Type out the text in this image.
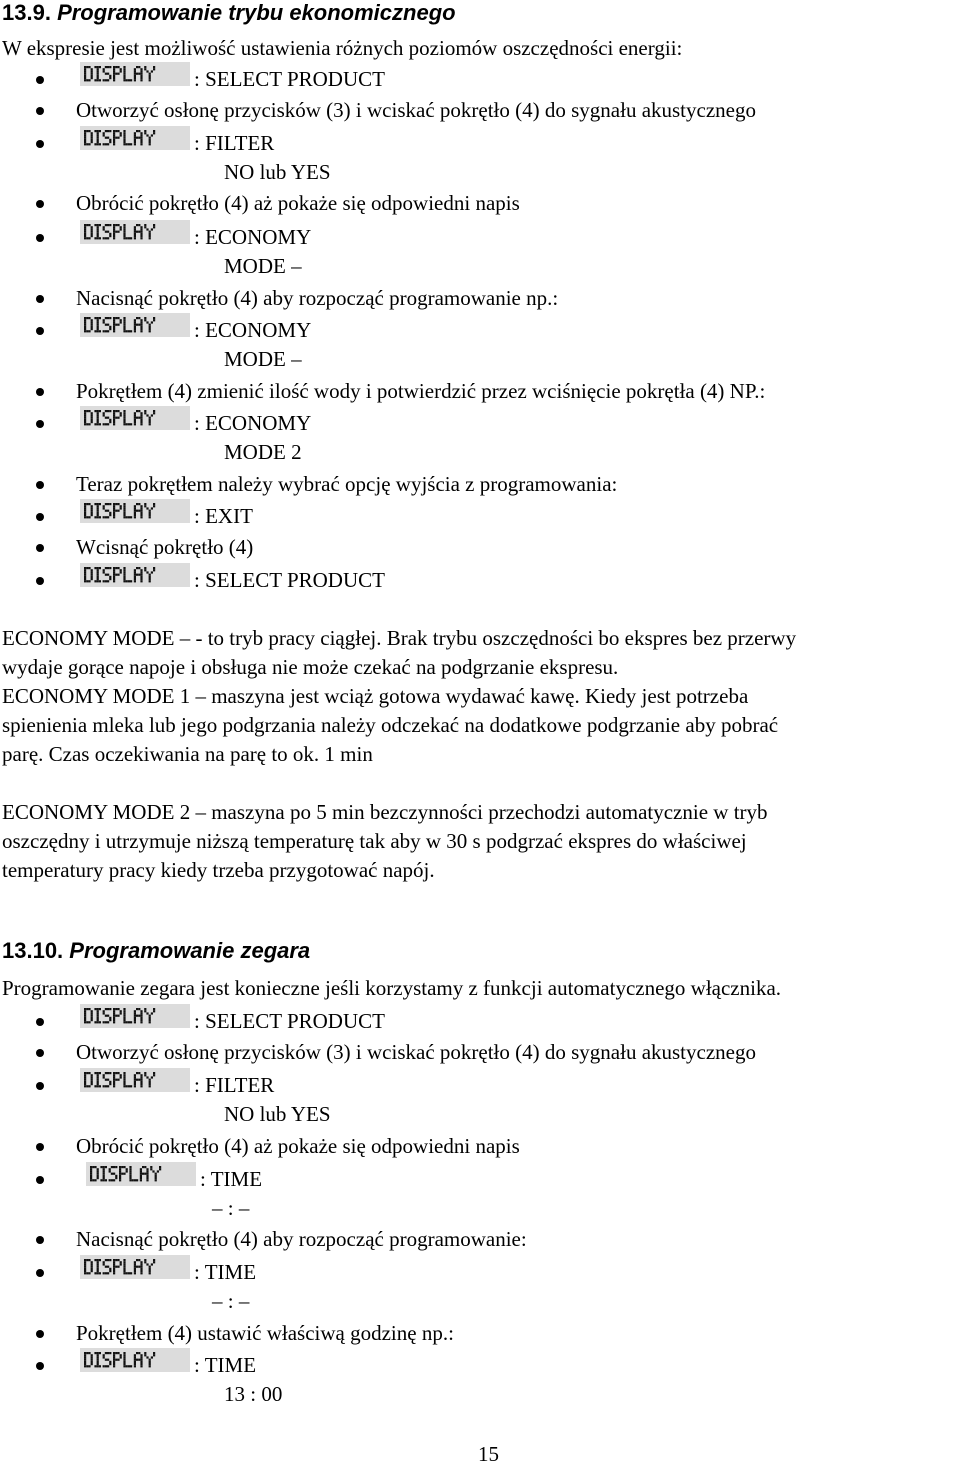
13.9. Programowanie trybu ekonomicznego

W ekspresie jest możliwość ustawienia różnych poziomów oszczędności energii:

: SELECT PRODUCT
Otworzyć osłonę przycisków (3) i wciskać pokrętło (4) do sygnału akustycznego
: FILTER
NO lub YES
Obrócić pokrętło (4) aż pokaże się odpowiedni napis
: ECONOMY
MODE –
Nacisnąć pokrętło (4) aby rozpocząć programowanie np.:
: ECONOMY
MODE –
Pokrętłem (4) zmienić ilość wody i potwierdzić przez wciśnięcie pokrętła (4) NP.:
: ECONOMY
MODE 2
Teraz pokrętłem należy wybrać opcję wyjścia z programowania:
: EXIT
Wcisnąć pokrętło (4)
: SELECT PRODUCT

ECONOMY MODE – - to tryb pracy ciągłej. Brak trybu oszczędności bo ekspres bez przerwy

wydaje gorące napoje i obsługa nie może czekać na podgrzanie ekspresu.

ECONOMY MODE 1 – maszyna jest wciąż gotowa wydawać kawę. Kiedy jest potrzeba

spienienia mleka lub jego podgrzania należy odczekać na dodatkowe podgrzanie aby pobrać

parę. Czas oczekiwania na parę to ok. 1 min

ECONOMY MODE 2 – maszyna po 5 min bezczynności przechodzi automatycznie w tryb

oszczędny i utrzymuje niższą temperaturę tak aby w 30 s podgrzać ekspres do właściwej

temperatury pracy kiedy trzeba przygotować napój.

13.10. Programowanie zegara

Programowanie zegara jest konieczne jeśli korzystamy z funkcji automatycznego włącznika.

: SELECT PRODUCT
Otworzyć osłonę przycisków (3) i wciskać pokrętło (4) do sygnału akustycznego
: FILTER
NO lub YES
Obrócić pokrętło (4) aż pokaże się odpowiedni napis
: TIME
– : –
Nacisnąć pokrętło (4) aby rozpocząć programowanie:
: TIME
– : –
Pokrętłem (4) ustawić właściwą godzinę np.:
: TIME
13 : 00
15
